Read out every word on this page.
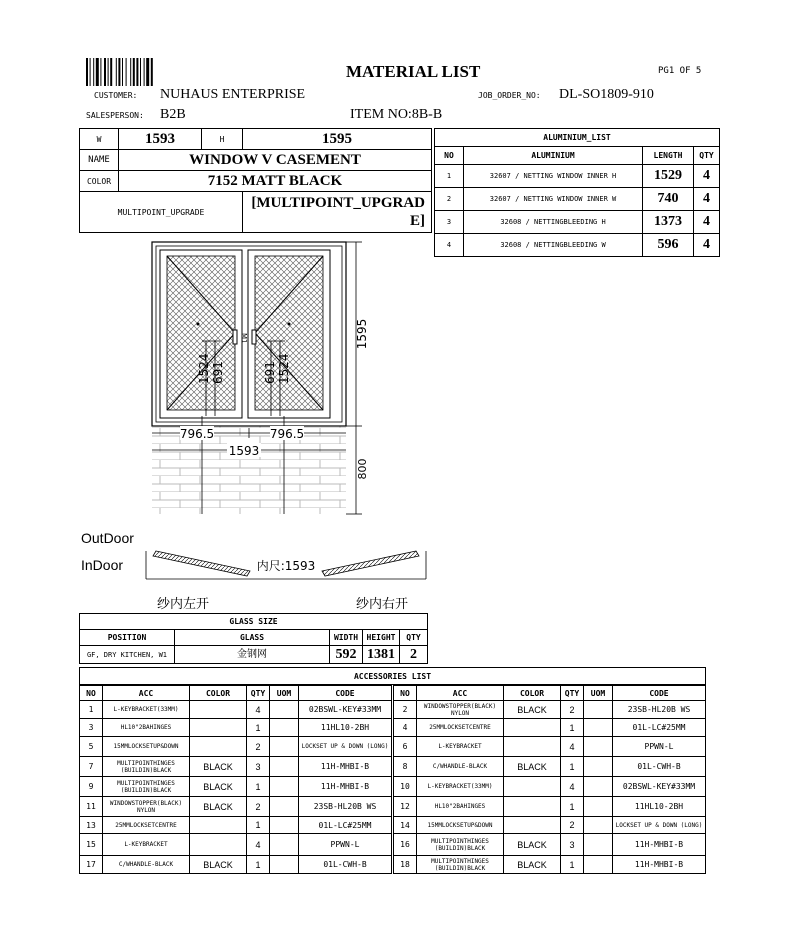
MATERIAL LIST	PG1 OF 5
CUSTOMER: NUHAUS ENTERPRISE	JOB_ORDER_NO: DL-SO1809-910
SALESPERSON: B2B	ITEM NO:8B-B
W	1593	H	1595
NAME	WINDOW V CASEMENT		
COLOR	7152 MATT BLACK		
MULTIPOINT_UPGRADE			[MULTIPOINT_UPGRADE]
ALUMINIUM_LIST			
NO	ALUMINIUM	LENGTH	QTY
1	32607 / NETTING WINDOW INNER H	1529	4
2	32607 / NETTING WINDOW INNER W	740	4
3	32608 / NETTINGBLEEDING H	1373	4
4	32608 / NETTINGBLEEDING W	596	4
M1
1524 691	691 1524
796.5	796.5
1593
1595
800
OutDoor
InDoor	内尺:1593
纱内左开	纱内右开
GLASS SIZE				
POSITION	GLASS	WIDTH	HEIGHT	QTY
GF, DRY KITCHEN, W1	金钢网	592	1381	2
ACCESSORIES LIST
NO	ACC	COLOR	QTY	UOM	CODE
1	L-KEYBRACKET(33MM)		4		02BSWL-KEY#33MM
3	HL10"2BAHINGES		1		11HL10-2BH
5	15MMLOCKSETUP&DOWN		2		LOCKSET UP & DOWN (LONG)
7	MULTIPOINTHINGES (BUILDIN)BLACK	BLACK	3		11H-MHBI-B
9	MULTIPOINTHINGES (BUILDIN)BLACK	BLACK	1		11H-MHBI-B
11	WINDOWSTOPPER(BLACK) NYLON	BLACK	2		23SB-HL20B WS
13	25MMLOCKSETCENTRE		1		01L-LC#25MM
15	L-KEYBRACKET		4		PPWN-L
17	C/WHANDLE-BLACK	BLACK	1		01L-CWH-B
NO	ACC	COLOR	QTY	UOM	CODE
2	WINDOWSTOPPER(BLACK) NYLON	BLACK	2		23SB-HL20B WS
4	25MMLOCKSETCENTRE		1		01L-LC#25MM
6	L-KEYBRACKET		4		PPWN-L
8	C/WHANDLE-BLACK	BLACK	1		01L-CWH-B
10	L-KEYBRACKET(33MM)		4		02BSWL-KEY#33MM
12	HL10"2BAHINGES		1		11HL10-2BH
14	15MMLOCKSETUP&DOWN		2		LOCKSET UP & DOWN (LONG)
16	MULTIPOINTHINGES (BUILDIN)BLACK	BLACK	3		11H-MHBI-B
18	MULTIPOINTHINGES (BUILDIN)BLACK	BLACK	1		11H-MHBI-B
